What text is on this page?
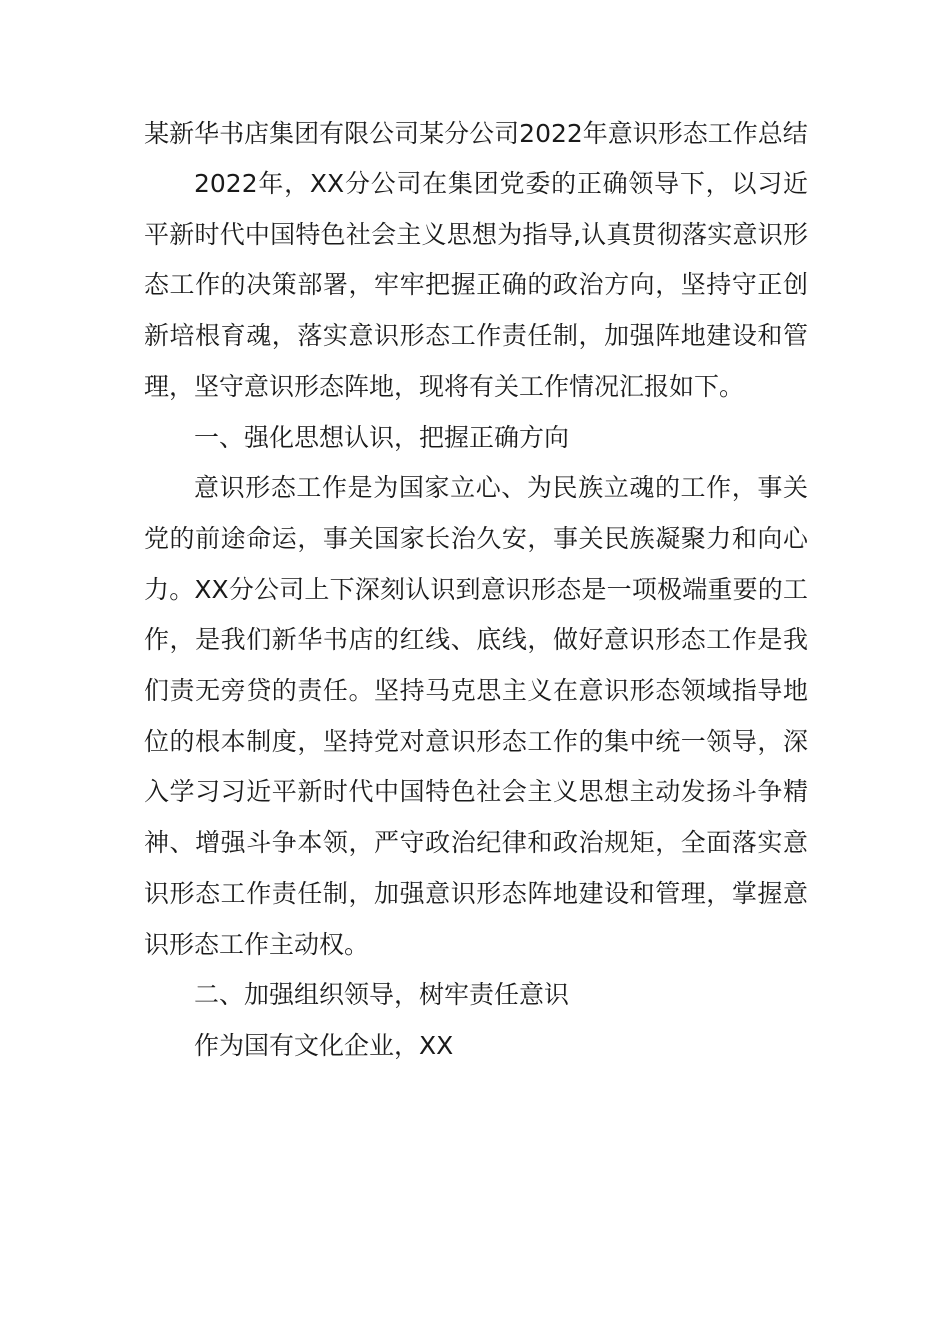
某新华书店集团有限公司某分公司2022年意识形态工作总结

2022年，XX分公司在集团党委的正确领导下，以习近平新时代中国特色社会主义思想为指导,认真贯彻落实意识形态工作的决策部署，牢牢把握正确的政治方向，坚持守正创新培根育魂，落实意识形态工作责任制，加强阵地建设和管理，坚守意识形态阵地，现将有关工作情况汇报如下。

一、强化思想认识，把握正确方向

意识形态工作是为国家立心、为民族立魂的工作，事关党的前途命运，事关国家长治久安，事关民族凝聚力和向心力。XX分公司上下深刻认识到意识形态是一项极端重要的工作，是我们新华书店的红线、底线，做好意识形态工作是我们责无旁贷的责任。坚持马克思主义在意识形态领域指导地位的根本制度，坚持党对意识形态工作的集中统一领导，深入学习习近平新时代中国特色社会主义思想主动发扬斗争精神、增强斗争本领，严守政治纪律和政治规矩，全面落实意识形态工作责任制，加强意识形态阵地建设和管理，掌握意识形态工作主动权。

二、加强组织领导，树牢责任意识

作为国有文化企业，XX
